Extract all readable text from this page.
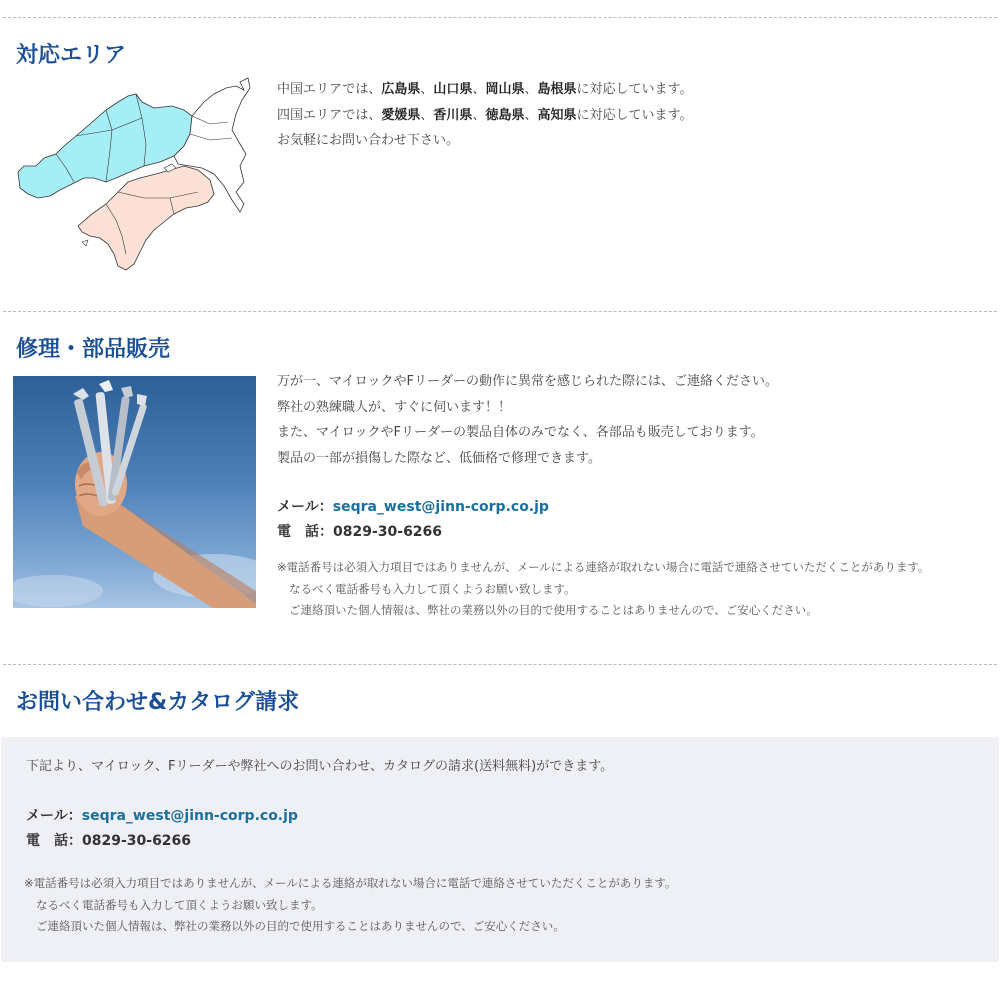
対応エリア

中国エリアでは、広島県、山口県、岡山県、島根県に対応しています。

四国エリアでは、愛媛県、香川県、徳島県、高知県に対応しています。

お気軽にお問い合わせ下さい。

修理・部品販売

万が一、マイロックやFリーダーの動作に異常を感じられた際には、ご連絡ください。

弊社の熟練職人が、すぐに伺います！！

また、マイロックやFリーダーの製品自体のみでなく、各部品も販売しております。

製品の一部が損傷した際など、低価格で修理できます。

メール：seqra_west@jinn-corp.co.jp
電　話：0829-30-6266

※電話番号は必須入力項目ではありませんが、メールによる連絡が取れない場合に電話で連絡させていただくことがあります。

なるべく電話番号も入力して頂くようお願い致します。

ご連絡頂いた個人情報は、弊社の業務以外の目的で使用することはありませんので、ご安心ください。

お問い合わせ&カタログ請求

下記より、マイロック、Fリーダーや弊社へのお問い合わせ、カタログの請求(送料無料)ができます。

メール：seqra_west@jinn-corp.co.jp
電　話：0829-30-6266

※電話番号は必須入力項目ではありませんが、メールによる連絡が取れない場合に電話で連絡させていただくことがあります。

なるべく電話番号も入力して頂くようお願い致します。

ご連絡頂いた個人情報は、弊社の業務以外の目的で使用することはありませんので、ご安心ください。
